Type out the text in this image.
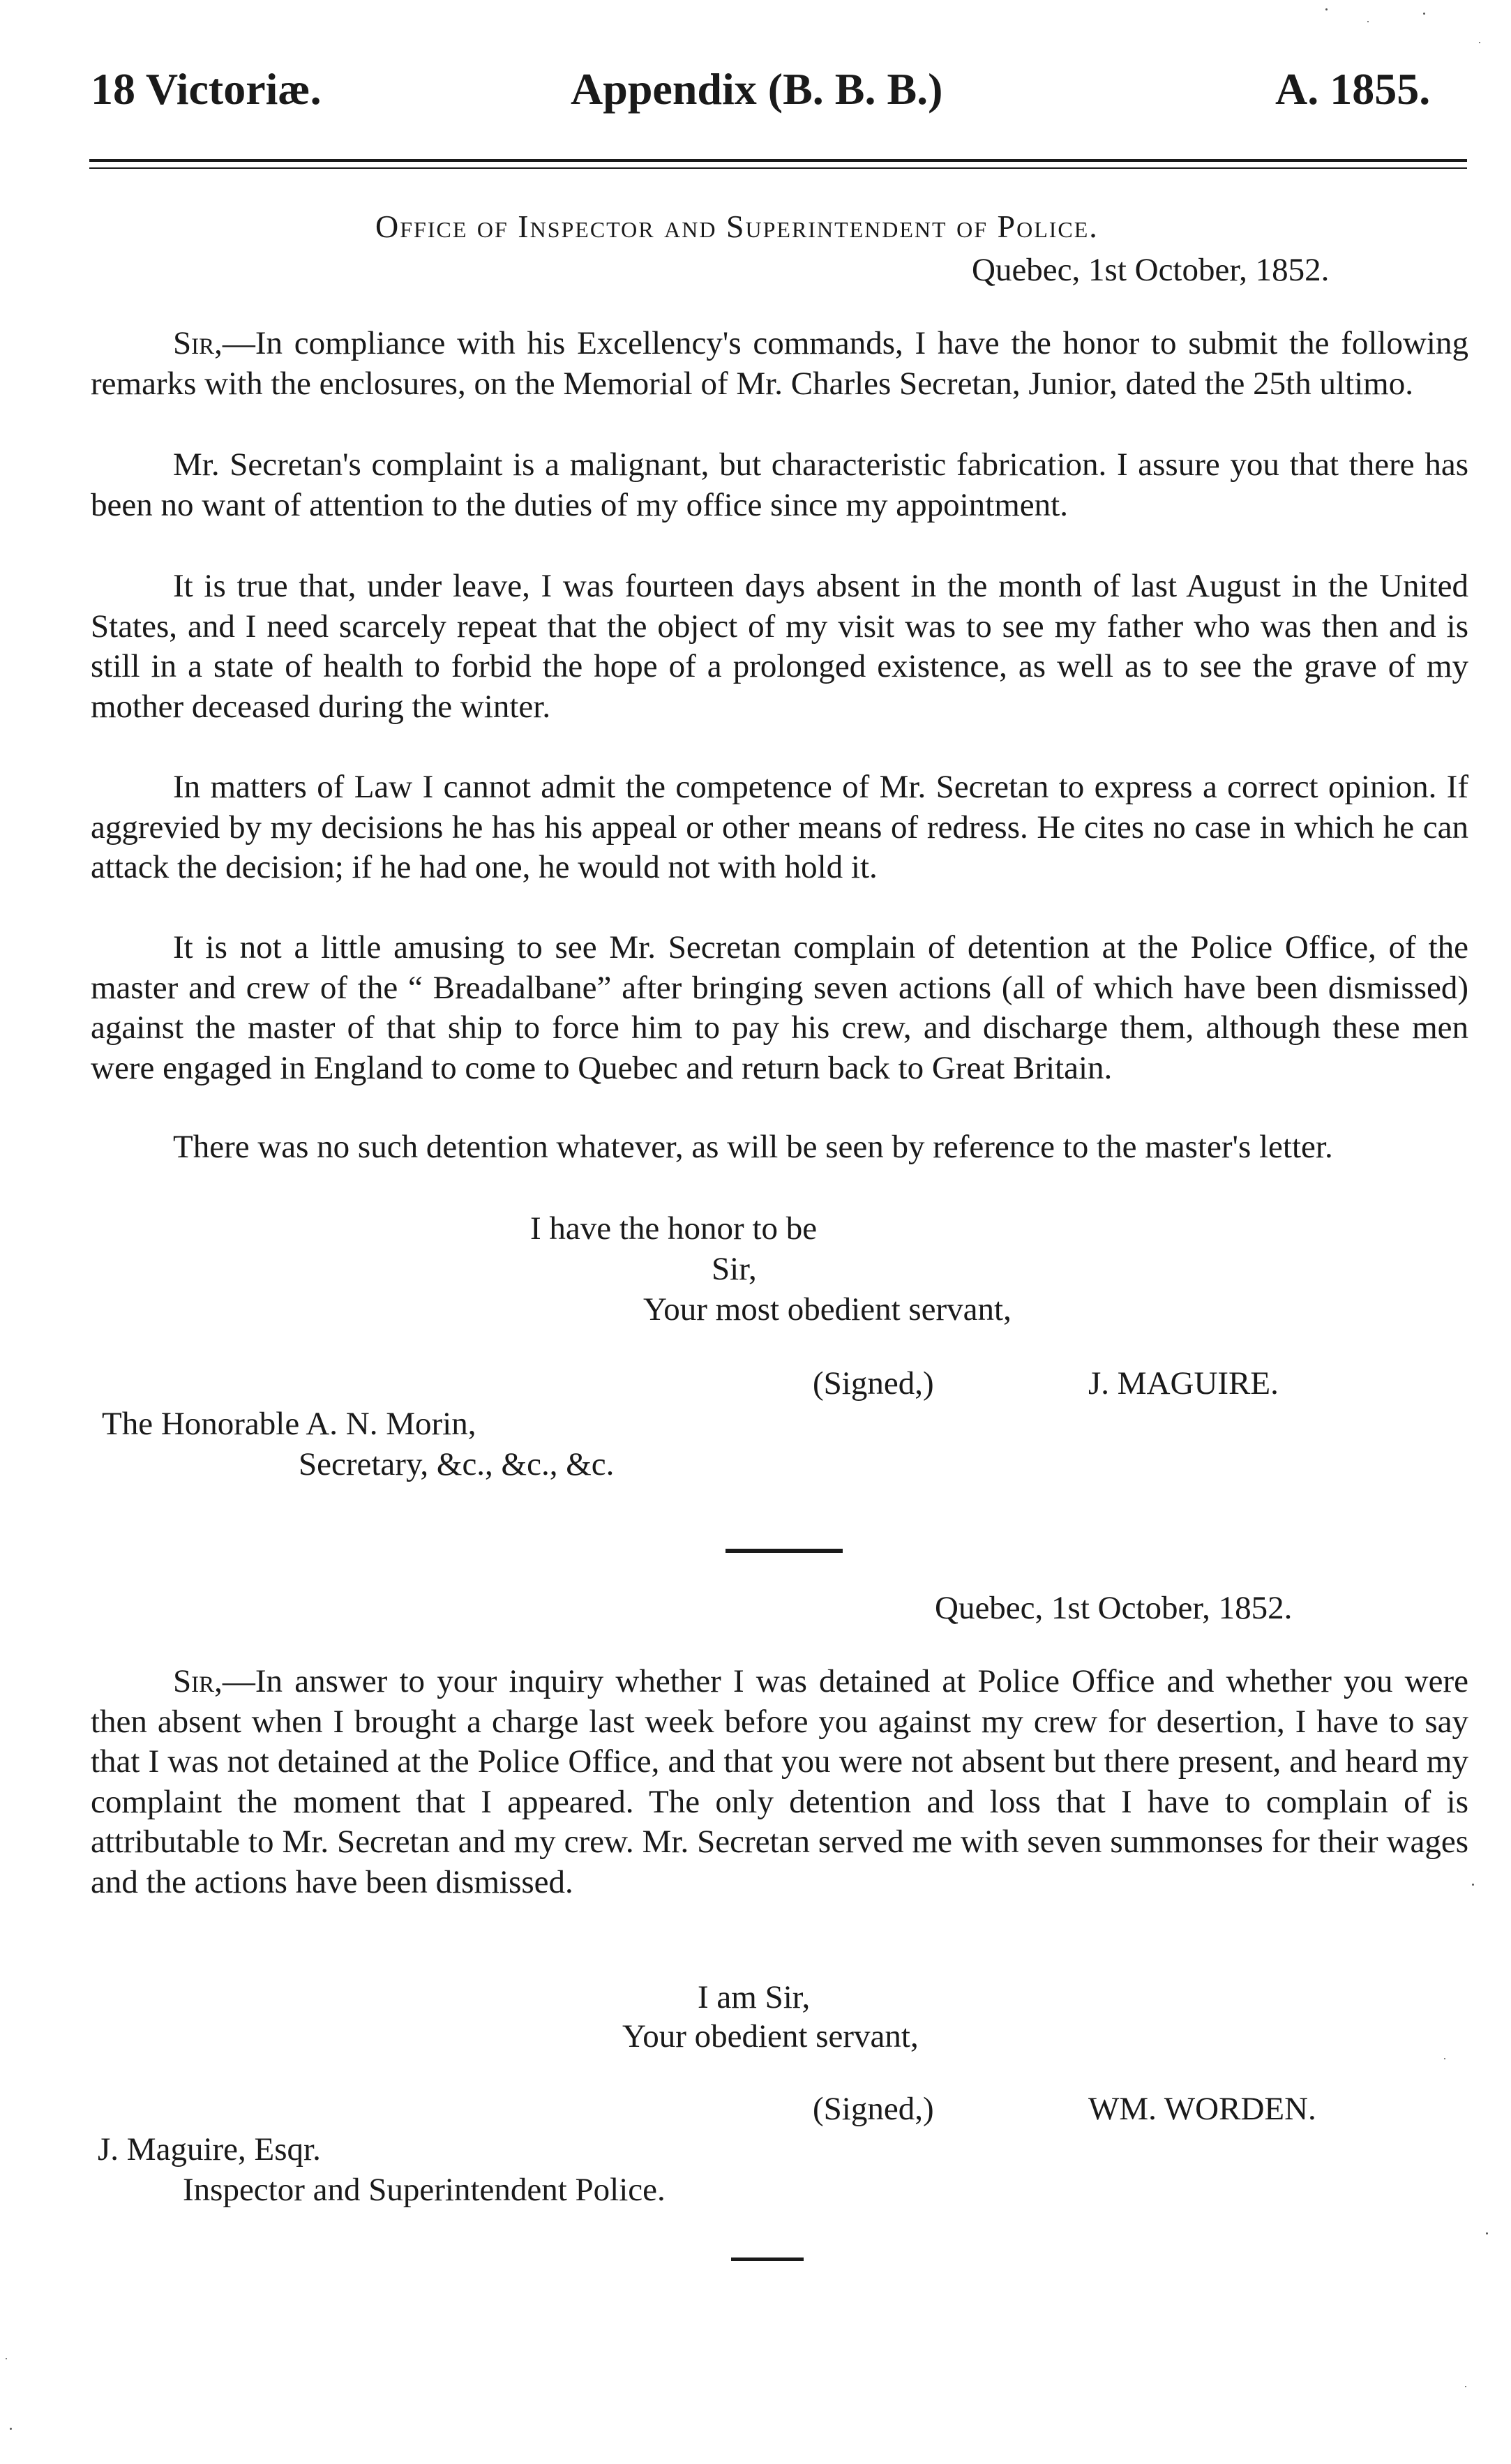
18 Victoriæ.	Appendix (B. B. B.)	A. 1855.
Office of Inspector and Superintendent of Police.
Quebec, 1st October, 1852.
Sir,—In compliance with his Excellency's commands, I have the honor to submit the following remarks with the enclosures, on the Memorial of Mr. Charles Secretan, Junior, dated the 25th ultimo.
Mr. Secretan's complaint is a malignant, but characteristic fabrication. I assure you that there has been no want of attention to the duties of my office since my appointment.
It is true that, under leave, I was fourteen days absent in the month of last August in the United States, and I need scarcely repeat that the object of my visit was to see my father who was then and is still in a state of health to forbid the hope of a prolonged existence, as well as to see the grave of my mother deceased during the winter.
In matters of Law I cannot admit the competence of Mr. Secretan to express a correct opinion. If aggrevied by my decisions he has his appeal or other means of redress. He cites no case in which he can attack the decision; if he had one, he would not with hold it.
It is not a little amusing to see Mr. Secretan complain of detention at the Police Office, of the master and crew of the “ Breadalbane” after bringing seven actions (all of which have been dismissed) against the master of that ship to force him to pay his crew, and discharge them, although these men were engaged in England to come to Quebec and return back to Great Britain.
There was no such detention whatever, as will be seen by reference to the master's letter.
I have the honor to be
Sir,
Your most obedient servant,
(Signed,)	J. MAGUIRE.
The Honorable A. N. Morin,
Secretary, &c., &c., &c.
Quebec, 1st October, 1852.
Sir,—In answer to your inquiry whether I was detained at Police Office and whether you were then absent when I brought a charge last week before you against my crew for desertion, I have to say that I was not detained at the Police Office, and that you were not absent but there present, and heard my complaint the moment that I appeared. The only detention and loss that I have to complain of is attributable to Mr. Secretan and my crew. Mr. Secretan served me with seven summonses for their wages and the actions have been dismissed.
I am Sir,
Your obedient servant,
(Signed,)	WM. WORDEN.
J. Maguire, Esqr.
Inspector and Superintendent Police.
